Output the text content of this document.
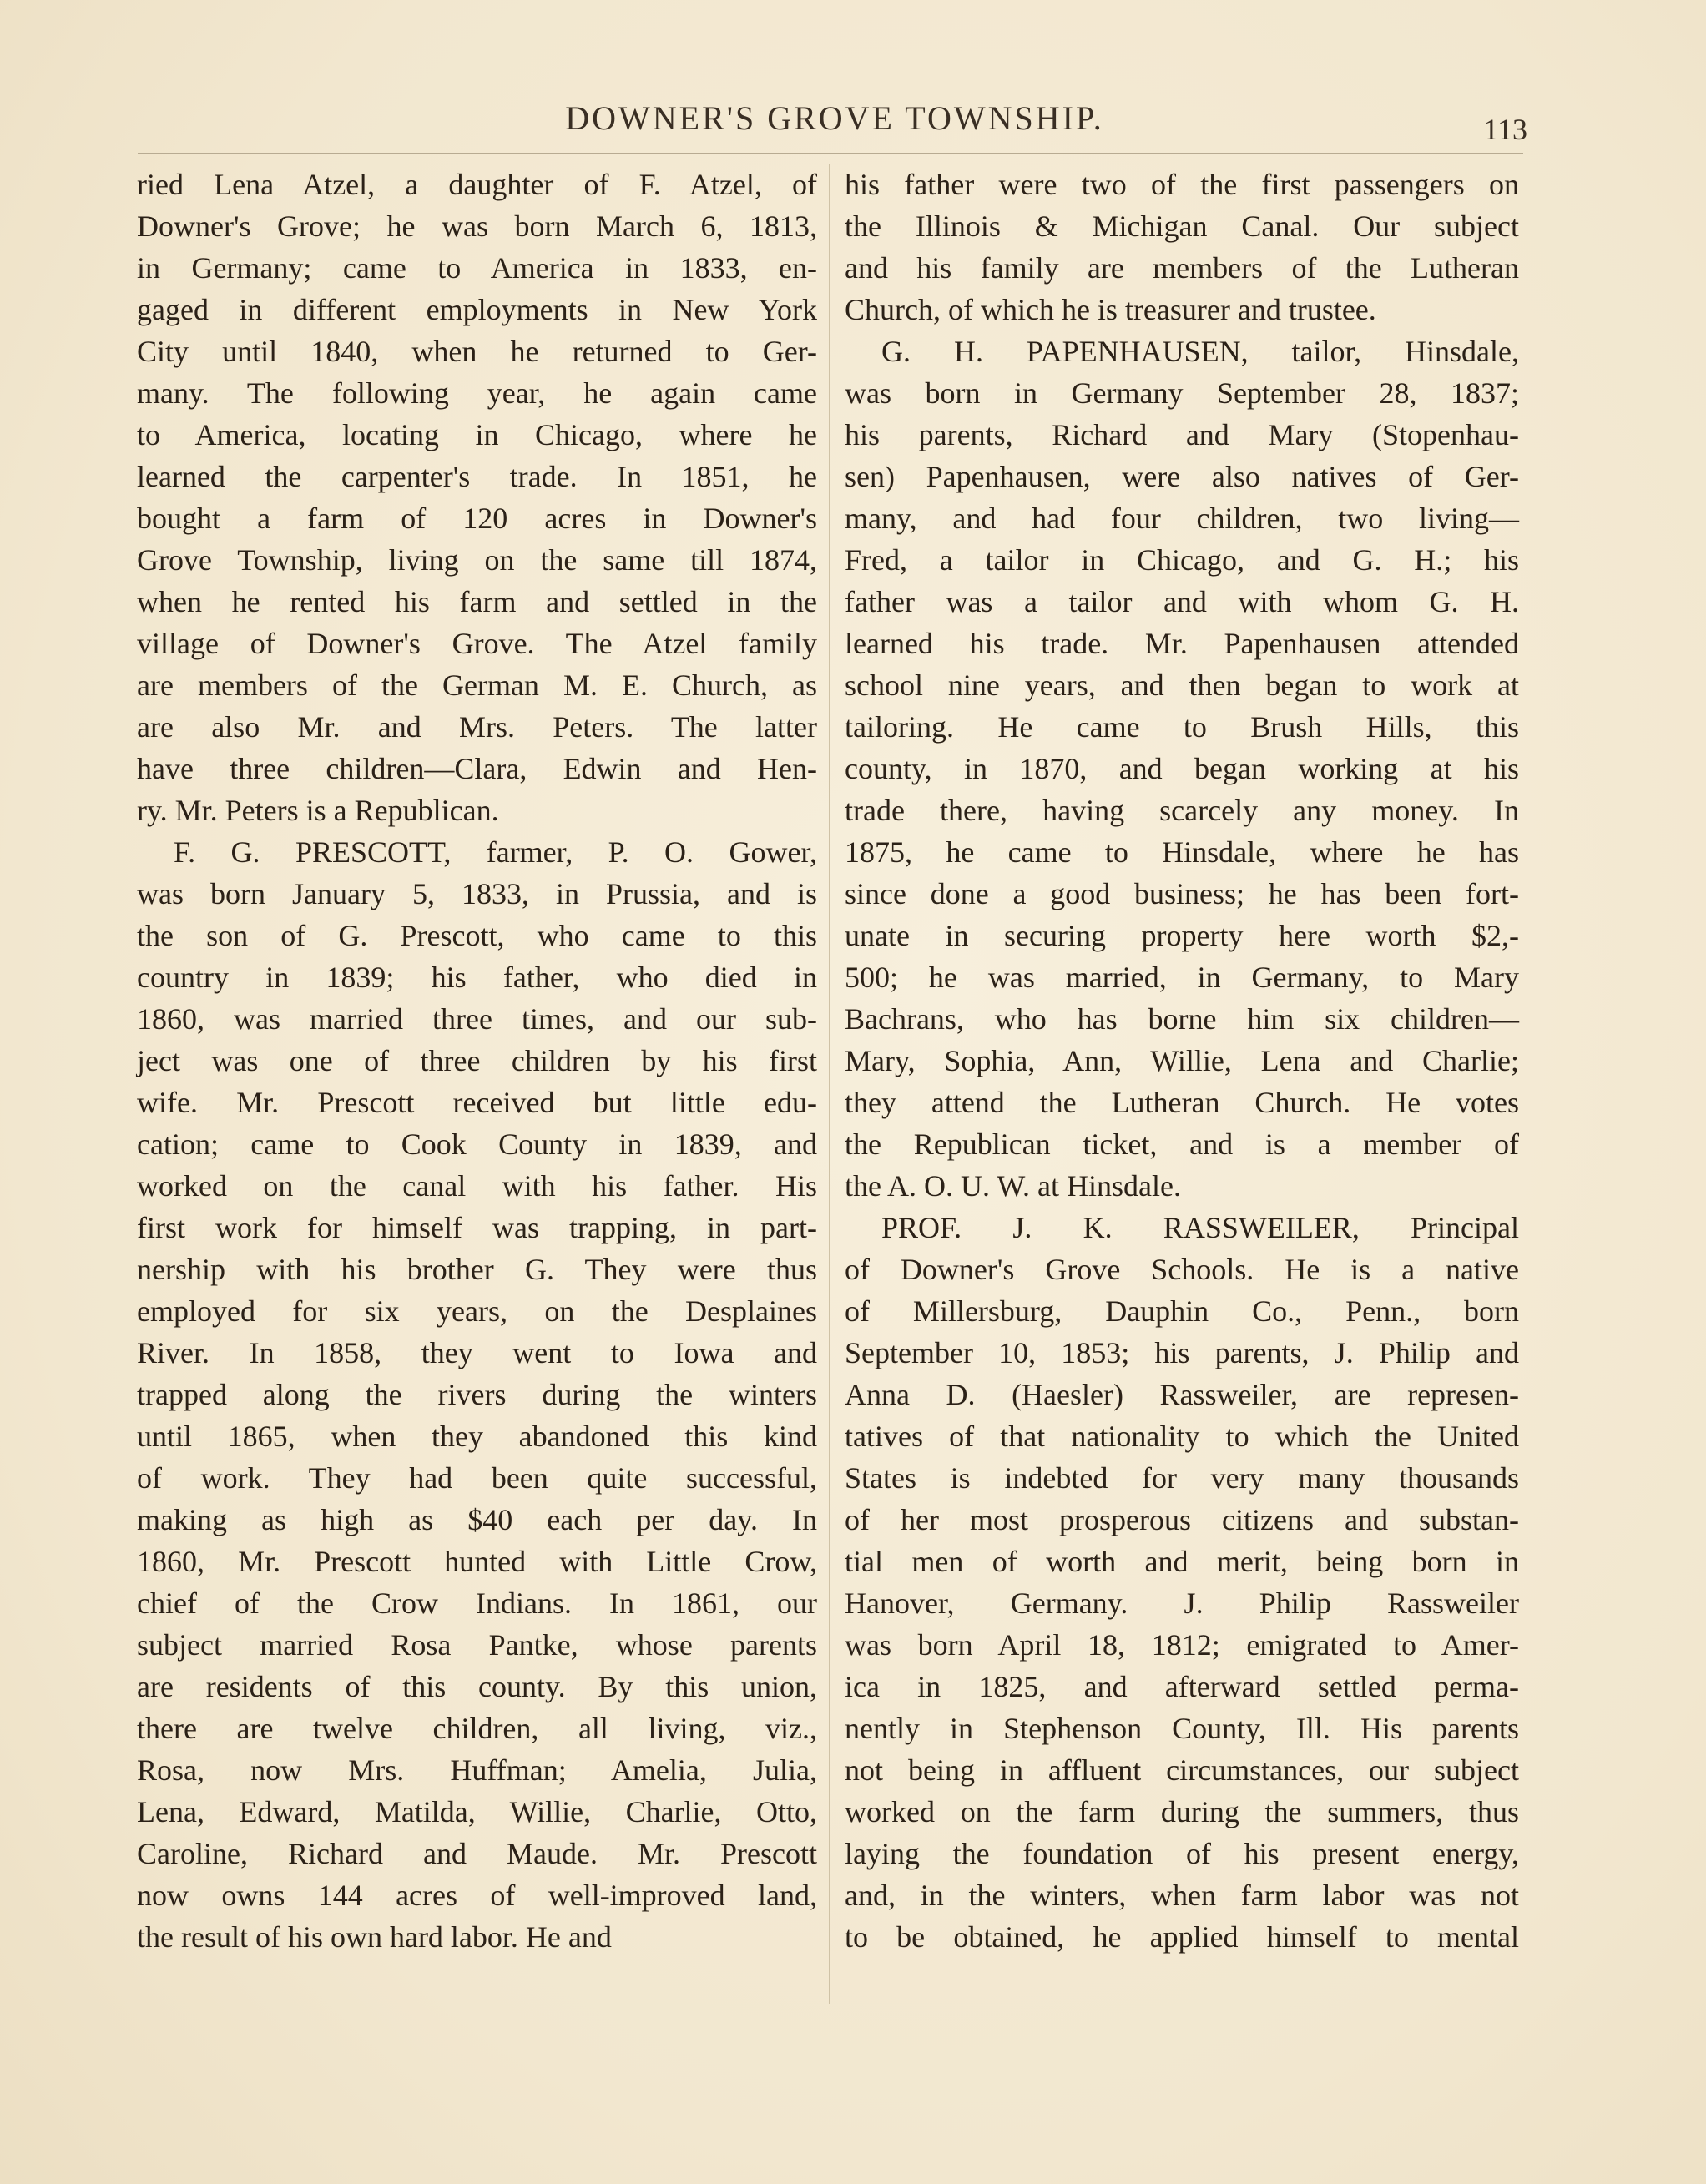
DOWNER'S GROVE TOWNSHIP.	113
ried Lena Atzel, a daughter of F. Atzel, of
Downer's Grove; he was born March 6, 1813,
in Germany; came to America in 1833, en-
gaged in different employments in New York
City until 1840, when he returned to Ger-
many. The following year, he again came
to America, locating in Chicago, where he
learned the carpenter's trade. In 1851, he
bought a farm of 120 acres in Downer's
Grove Township, living on the same till 1874,
when he rented his farm and settled in the
village of Downer's Grove. The Atzel family
are members of the German M. E. Church, as
are also Mr. and Mrs. Peters. The latter
have three children—Clara, Edwin and Hen-
ry. Mr. Peters is a Republican.
F. G. PRESCOTT, farmer, P. O. Gower,
was born January 5, 1833, in Prussia, and is
the son of G. Prescott, who came to this
country in 1839; his father, who died in
1860, was married three times, and our sub-
ject was one of three children by his first
wife. Mr. Prescott received but little edu-
cation; came to Cook County in 1839, and
worked on the canal with his father. His
first work for himself was trapping, in part-
nership with his brother G. They were thus
employed for six years, on the Desplaines
River. In 1858, they went to Iowa and
trapped along the rivers during the winters
until 1865, when they abandoned this kind
of work. They had been quite successful,
making as high as $40 each per day. In
1860, Mr. Prescott hunted with Little Crow,
chief of the Crow Indians. In 1861, our
subject married Rosa Pantke, whose parents
are residents of this county. By this union,
there are twelve children, all living, viz.,
Rosa, now Mrs. Huffman; Amelia, Julia,
Lena, Edward, Matilda, Willie, Charlie, Otto,
Caroline, Richard and Maude. Mr. Prescott
now owns 144 acres of well-improved land,
the result of his own hard labor. He and
his father were two of the first passengers on
the Illinois & Michigan Canal. Our subject
and his family are members of the Lutheran
Church, of which he is treasurer and trustee.
G. H. PAPENHAUSEN, tailor, Hinsdale,
was born in Germany September 28, 1837;
his parents, Richard and Mary (Stopenhau-
sen) Papenhausen, were also natives of Ger-
many, and had four children, two living—
Fred, a tailor in Chicago, and G. H.; his
father was a tailor and with whom G. H.
learned his trade. Mr. Papenhausen attended
school nine years, and then began to work at
tailoring. He came to Brush Hills, this
county, in 1870, and began working at his
trade there, having scarcely any money. In
1875, he came to Hinsdale, where he has
since done a good business; he has been fort-
unate in securing property here worth $2,-
500; he was married, in Germany, to Mary
Bachrans, who has borne him six children—
Mary, Sophia, Ann, Willie, Lena and Charlie;
they attend the Lutheran Church. He votes
the Republican ticket, and is a member of
the A. O. U. W. at Hinsdale.
PROF. J. K. RASSWEILER, Principal
of Downer's Grove Schools. He is a native
of Millersburg, Dauphin Co., Penn., born
September 10, 1853; his parents, J. Philip and
Anna D. (Haesler) Rassweiler, are represen-
tatives of that nationality to which the United
States is indebted for very many thousands
of her most prosperous citizens and substan-
tial men of worth and merit, being born in
Hanover, Germany. J. Philip Rassweiler
was born April 18, 1812; emigrated to Amer-
ica in 1825, and afterward settled perma-
nently in Stephenson County, Ill. His parents
not being in affluent circumstances, our subject
worked on the farm during the summers, thus
laying the foundation of his present energy,
and, in the winters, when farm labor was not
to be obtained, he applied himself to mental
